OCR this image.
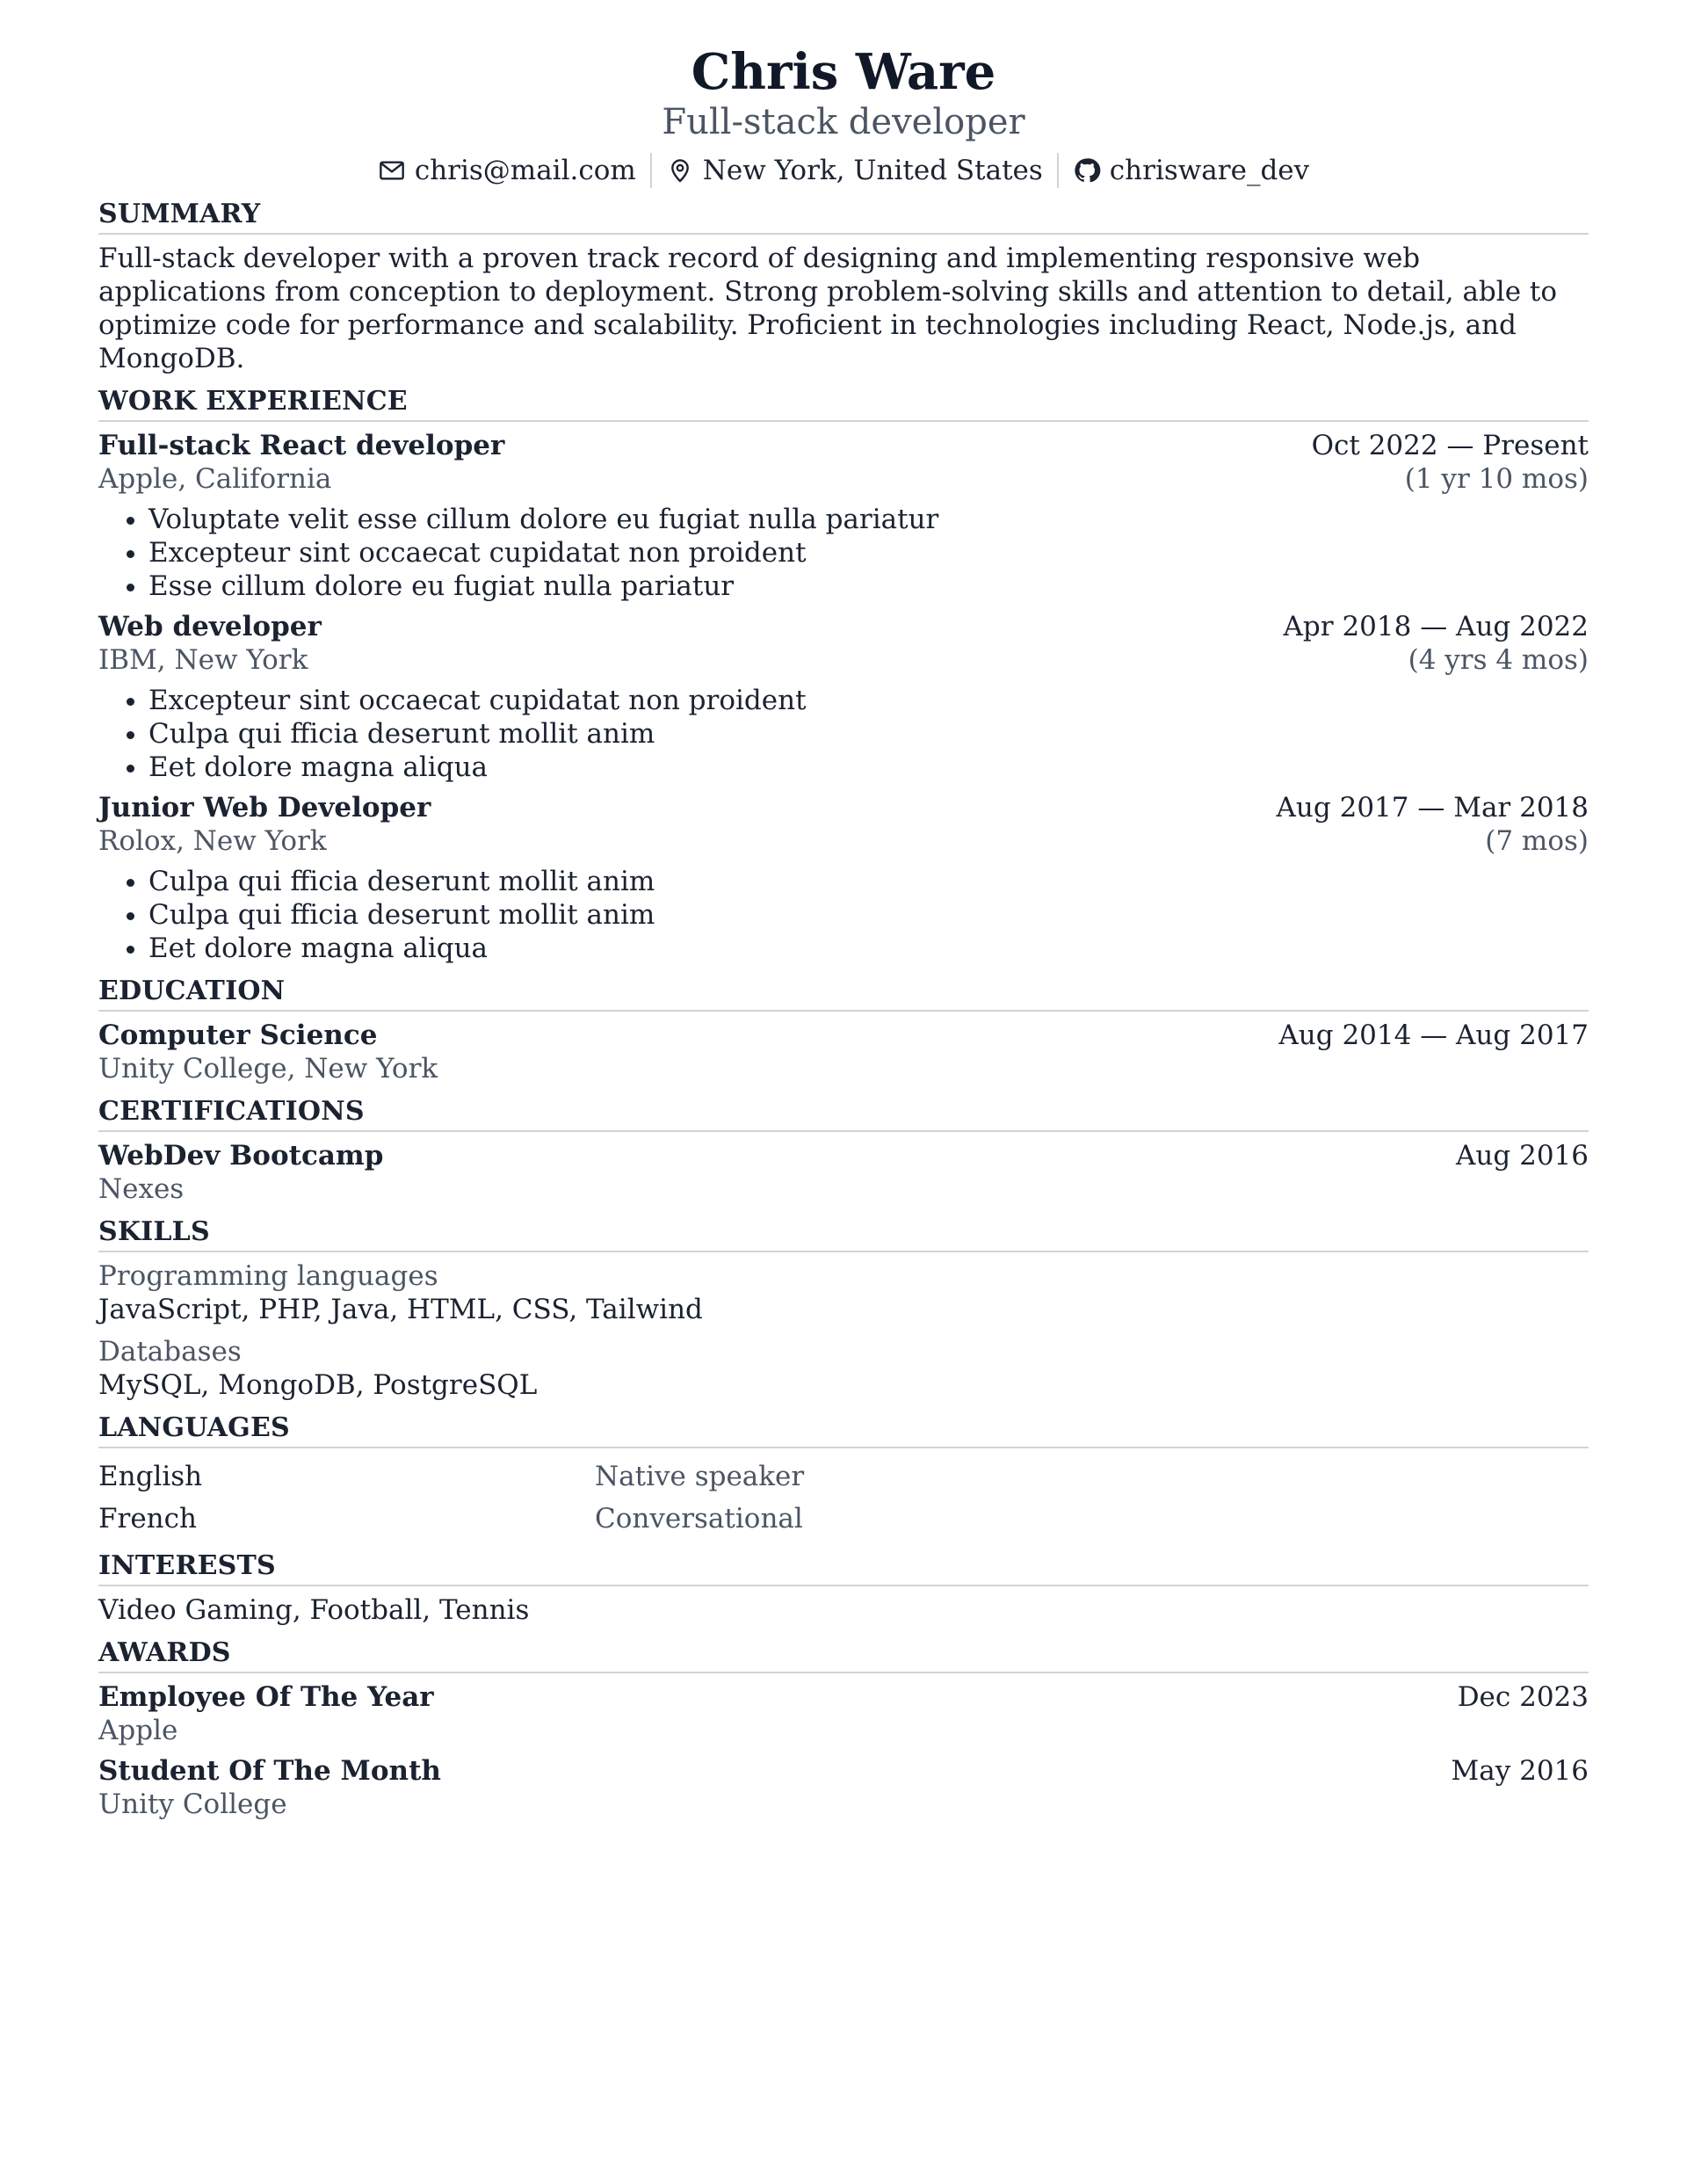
Chris Ware
Full-stack developer
chris@mail.com New York, United States chrisware_dev
SUMMARY
Full-stack developer with a proven track record of designing and implementing responsive web applications from conception to deployment. Strong problem-solving skills and attention to detail, able to optimize code for performance and scalability. Proficient in technologies including React, Node.js, and MongoDB.
WORK EXPERIENCE
Full-stack React developer	Oct 2022 — Present
Apple, California	(1 yr 10 mos)
• Voluptate velit esse cillum dolore eu fugiat nulla pariatur
• Excepteur sint occaecat cupidatat non proident
• Esse cillum dolore eu fugiat nulla pariatur
Web developer	Apr 2018 — Aug 2022
IBM, New York	(4 yrs 4 mos)
• Excepteur sint occaecat cupidatat non proident
• Culpa qui fficia deserunt mollit anim
• Eet dolore magna aliqua
Junior Web Developer	Aug 2017 — Mar 2018
Rolox, New York	(7 mos)
• Culpa qui fficia deserunt mollit anim
• Culpa qui fficia deserunt mollit anim
• Eet dolore magna aliqua
EDUCATION
Computer Science	Aug 2014 — Aug 2017
Unity College, New York
CERTIFICATIONS
WebDev Bootcamp	Aug 2016
Nexes
SKILLS
Programming languages
JavaScript, PHP, Java, HTML, CSS, Tailwind
Databases
MySQL, MongoDB, PostgreSQL
LANGUAGES
English	Native speaker
French	Conversational
INTERESTS
Video Gaming, Football, Tennis
AWARDS
Employee Of The Year	Dec 2023
Apple
Student Of The Month	May 2016
Unity College
